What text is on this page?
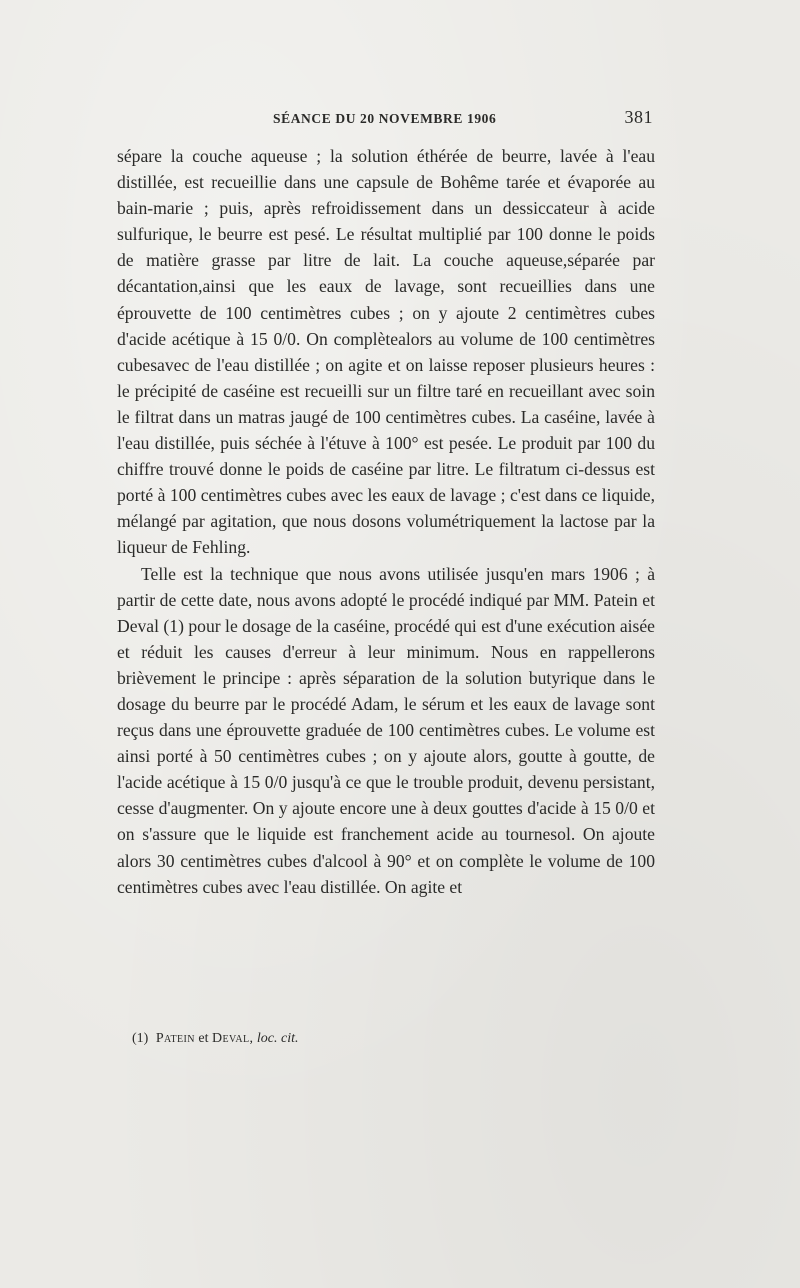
SÉANCE DU 20 NOVEMBRE 1906	381

sépare la couche aqueuse ; la solution éthérée de beurre, lavée à l'eau distillée, est recueillie dans une capsule de Bohême tarée et évaporée au bain-marie ; puis, après refroidissement dans un dessiccateur à acide sulfurique, le beurre est pesé. Le résultat multiplié par 100 donne le poids de matière grasse par litre de lait. La couche aqueuse,séparée par décantation,ainsi que les eaux de lavage, sont recueillies dans une éprouvette de 100 centimètres cubes ; on y ajoute 2 centimètres cubes d'acide acétique à 15 0/0. On complètealors au volume de 100 centimètres cubesavec de l'eau distillée ; on agite et on laisse reposer plusieurs heures : le précipité de caséine est recueilli sur un filtre taré en recueillant avec soin le filtrat dans un matras jaugé de 100 centimètres cubes. La caséine, lavée à l'eau distillée, puis séchée à l'étuve à 100° est pesée. Le produit par 100 du chiffre trouvé donne le poids de caséine par litre. Le filtratum ci-dessus est porté à 100 centimètres cubes avec les eaux de lavage ; c'est dans ce liquide, mélangé par agitation, que nous dosons volumétriquement la lactose par la liqueur de Fehling.

Telle est la technique que nous avons utilisée jusqu'en mars 1906 ; à partir de cette date, nous avons adopté le procédé indiqué par MM. Patein et Deval (1) pour le dosage de la caséine, procédé qui est d'une exécution aisée et réduit les causes d'erreur à leur minimum. Nous en rappellerons brièvement le principe : après séparation de la solution butyrique dans le dosage du beurre par le procédé Adam, le sérum et les eaux de lavage sont reçus dans une éprouvette graduée de 100 centimètres cubes. Le volume est ainsi porté à 50 centimètres cubes ; on y ajoute alors, goutte à goutte, de l'acide acétique à 15 0/0 jusqu'à ce que le trouble produit, devenu persistant, cesse d'augmenter. On y ajoute encore une à deux gouttes d'acide à 15 0/0 et on s'assure que le liquide est franchement acide au tournesol. On ajoute alors 30 centimètres cubes d'alcool à 90° et on complète le volume de 100 centimètres cubes avec l'eau distillée. On agite et

(1) Patein et Deval, loc. cit.
